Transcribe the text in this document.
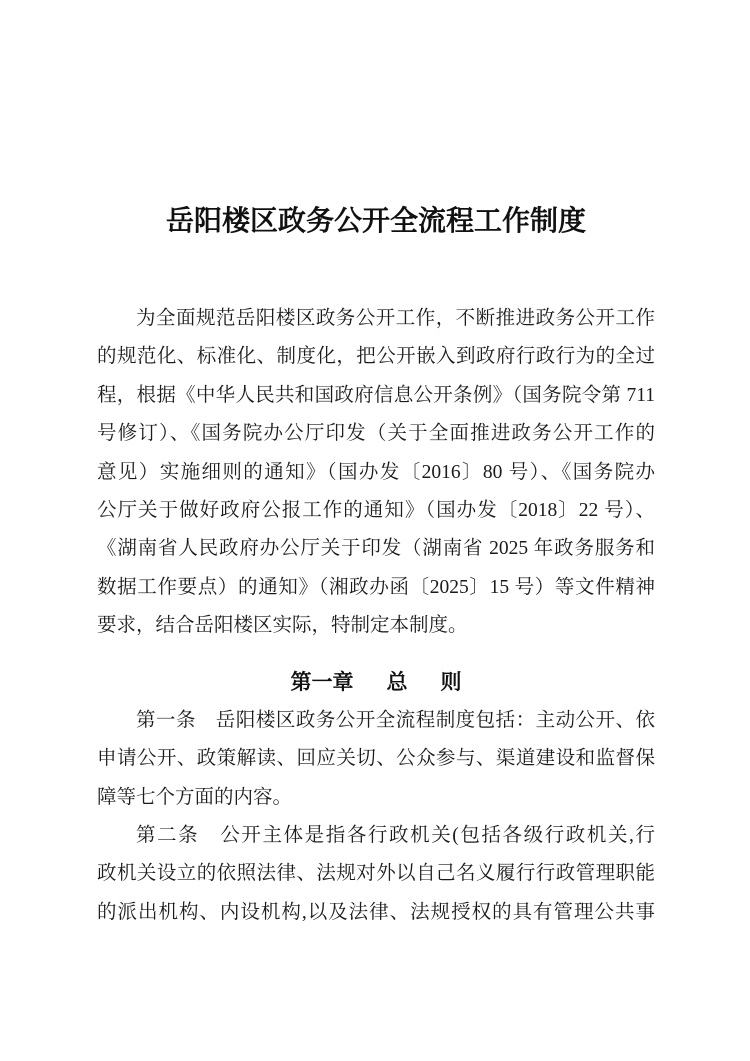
岳阳楼区政务公开全流程工作制度
为全面规范岳阳楼区政务公开工作，不断推进政务公开工作
的规范化、标准化、制度化，把公开嵌入到政府行政行为的全过
程，根据《中华人民共和国政府信息公开条例》（国务院令第 711
号修订）、《国务院办公厅印发（关于全面推进政务公开工作的
意见）实施细则的通知》（国办发〔2016〕80 号）、《国务院办
公厅关于做好政府公报工作的通知》（国办发〔2018〕22 号）、
《湖南省人民政府办公厅关于印发（湖南省 2025 年政务服务和
数据工作要点）的通知》（湘政办函〔2025〕15 号）等文件精神
要求，结合岳阳楼区实际，特制定本制度。
第一章 总 则
第一条　岳阳楼区政务公开全流程制度包括：主动公开、依
申请公开、政策解读、回应关切、公众参与、渠道建设和监督保
障等七个方面的内容。
第二条　公开主体是指各行政机关(包括各级行政机关,行
政机关设立的依照法律、法规对外以自己名义履行行政管理职能
的派出机构、内设机构,以及法律、法规授权的具有管理公共事
